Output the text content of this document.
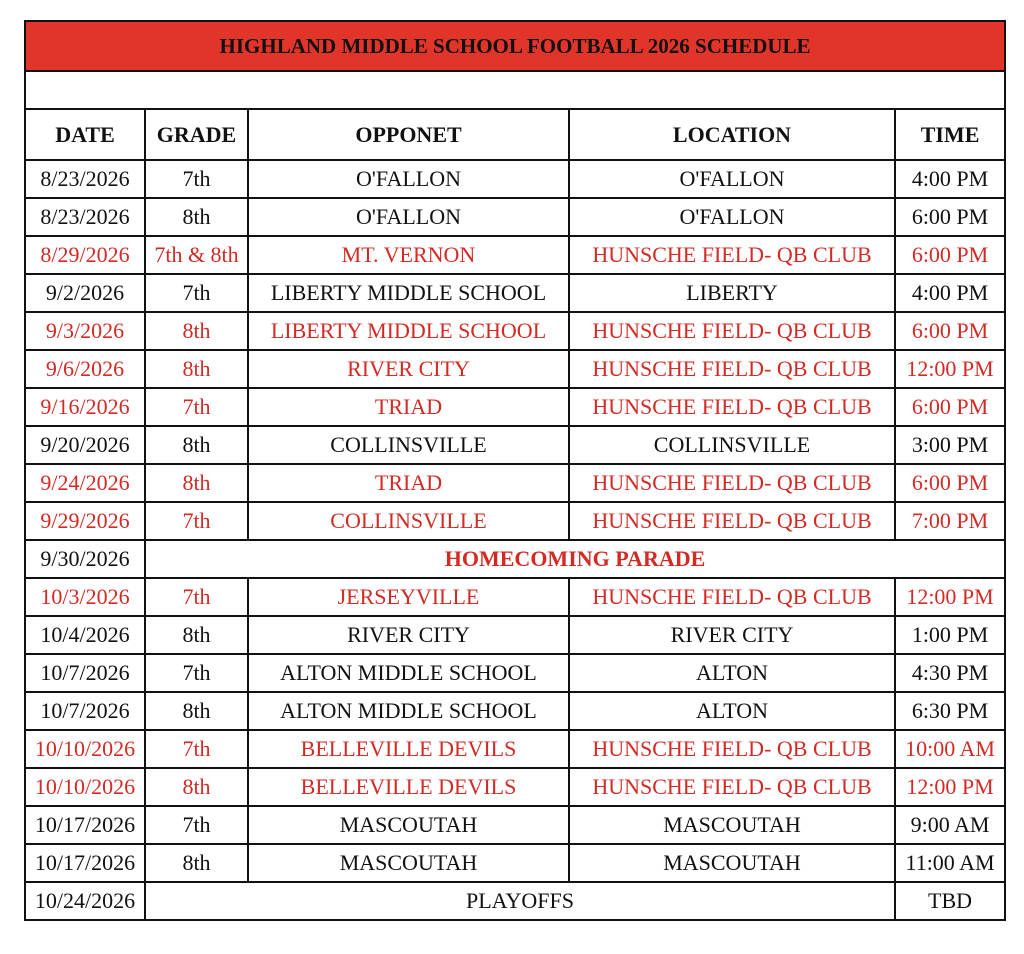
HIGHLAND MIDDLE SCHOOL FOOTBALL 2026 SCHEDULE				

DATE	GRADE	OPPONET	LOCATION	TIME
8/23/2026	7th	O'FALLON	O'FALLON	4:00 PM
8/23/2026	8th	O'FALLON	O'FALLON	6:00 PM
8/29/2026	7th & 8th	MT. VERNON	HUNSCHE FIELD- QB CLUB	6:00 PM
9/2/2026	7th	LIBERTY MIDDLE SCHOOL	LIBERTY	4:00 PM
9/3/2026	8th	LIBERTY MIDDLE SCHOOL	HUNSCHE FIELD- QB CLUB	6:00 PM
9/6/2026	8th	RIVER CITY	HUNSCHE FIELD- QB CLUB	12:00 PM
9/16/2026	7th	TRIAD	HUNSCHE FIELD- QB CLUB	6:00 PM
9/20/2026	8th	COLLINSVILLE	COLLINSVILLE	3:00 PM
9/24/2026	8th	TRIAD	HUNSCHE FIELD- QB CLUB	6:00 PM
9/29/2026	7th	COLLINSVILLE	HUNSCHE FIELD- QB CLUB	7:00 PM
9/30/2026	HOMECOMING PARADE			
10/3/2026	7th	JERSEYVILLE	HUNSCHE FIELD- QB CLUB	12:00 PM
10/4/2026	8th	RIVER CITY	RIVER CITY	1:00 PM
10/7/2026	7th	ALTON MIDDLE SCHOOL	ALTON	4:30 PM
10/7/2026	8th	ALTON MIDDLE SCHOOL	ALTON	6:30 PM
10/10/2026	7th	BELLEVILLE DEVILS	HUNSCHE FIELD- QB CLUB	10:00 AM
10/10/2026	8th	BELLEVILLE DEVILS	HUNSCHE FIELD- QB CLUB	12:00 PM
10/17/2026	7th	MASCOUTAH	MASCOUTAH	9:00 AM
10/17/2026	8th	MASCOUTAH	MASCOUTAH	11:00 AM
10/24/2026	PLAYOFFS			TBD
